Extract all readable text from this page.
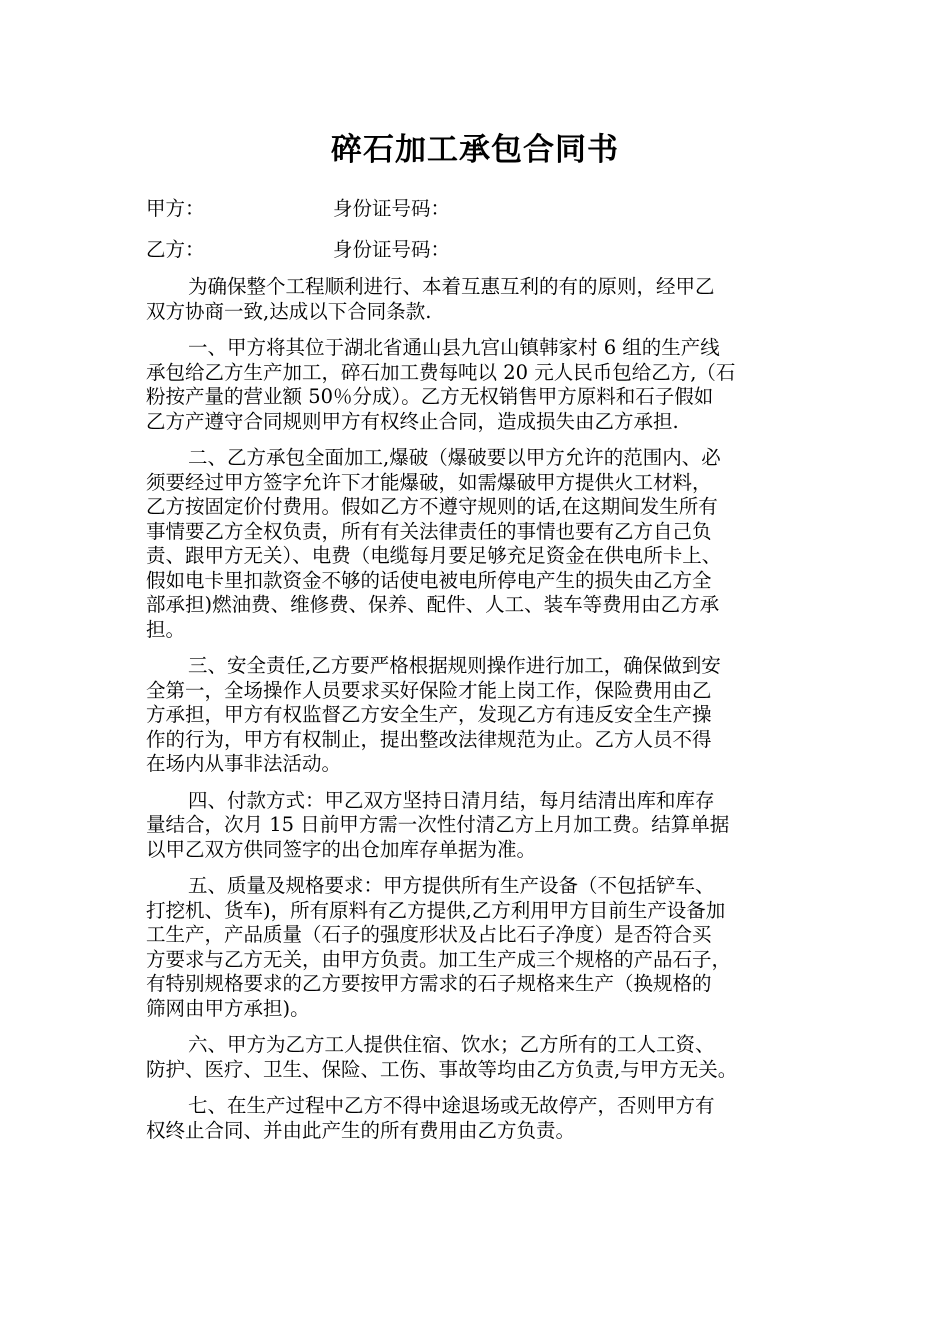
碎石加工承包合同书
甲方：	身份证号码：
乙方：	身份证号码：

为确保整个工程顺利进行、本着互惠互利的有的原则，经甲乙
双方协商一致,达成以下合同条款.

一、甲方将其位于湖北省通山县九宫山镇韩家村 6 组的生产线
承包给乙方生产加工，碎石加工费每吨以 20 元人民币包给乙方,（石
粉按产量的营业额 50％分成）。乙方无权销售甲方原料和石子假如
乙方产遵守合同规则甲方有权终止合同，造成损失由乙方承担.

二、乙方承包全面加工,爆破（爆破要以甲方允许的范围内、必
须要经过甲方签字允许下才能爆破，如需爆破甲方提供火工材料，
乙方按固定价付费用。假如乙方不遵守规则的话,在这期间发生所有
事情要乙方全权负责，所有有关法律责任的事情也要有乙方自己负
责、跟甲方无关）、电费（电缆每月要足够充足资金在供电所卡上、
假如电卡里扣款资金不够的话使电被电所停电产生的损失由乙方全
部承担)燃油费、维修费、保养、配件、人工、装车等费用由乙方承
担。

三、安全责任,乙方要严格根据规则操作进行加工，确保做到安
全第一，全场操作人员要求买好保险才能上岗工作，保险费用由乙
方承担，甲方有权监督乙方安全生产，发现乙方有违反安全生产操
作的行为，甲方有权制止，提出整改法律规范为止。乙方人员不得
在场内从事非法活动。

四、付款方式：甲乙双方坚持日清月结，每月结清出库和库存
量结合，次月 15 日前甲方需一次性付清乙方上月加工费。结算单据
以甲乙双方供同签字的出仓加库存单据为准。

五、质量及规格要求：甲方提供所有生产设备（不包括铲车、
打挖机、货车)，所有原料有乙方提供,乙方利用甲方目前生产设备加
工生产，产品质量（石子的强度形状及占比石子净度）是否符合买
方要求与乙方无关，由甲方负责。加工生产成三个规格的产品石子，
有特别规格要求的乙方要按甲方需求的石子规格来生产（换规格的
筛网由甲方承担)。

六、甲方为乙方工人提供住宿、饮水；乙方所有的工人工资、
防护、医疗、卫生、保险、工伤、事故等均由乙方负责,与甲方无关。

七、在生产过程中乙方不得中途退场或无故停产，否则甲方有
权终止合同、并由此产生的所有费用由乙方负责。
